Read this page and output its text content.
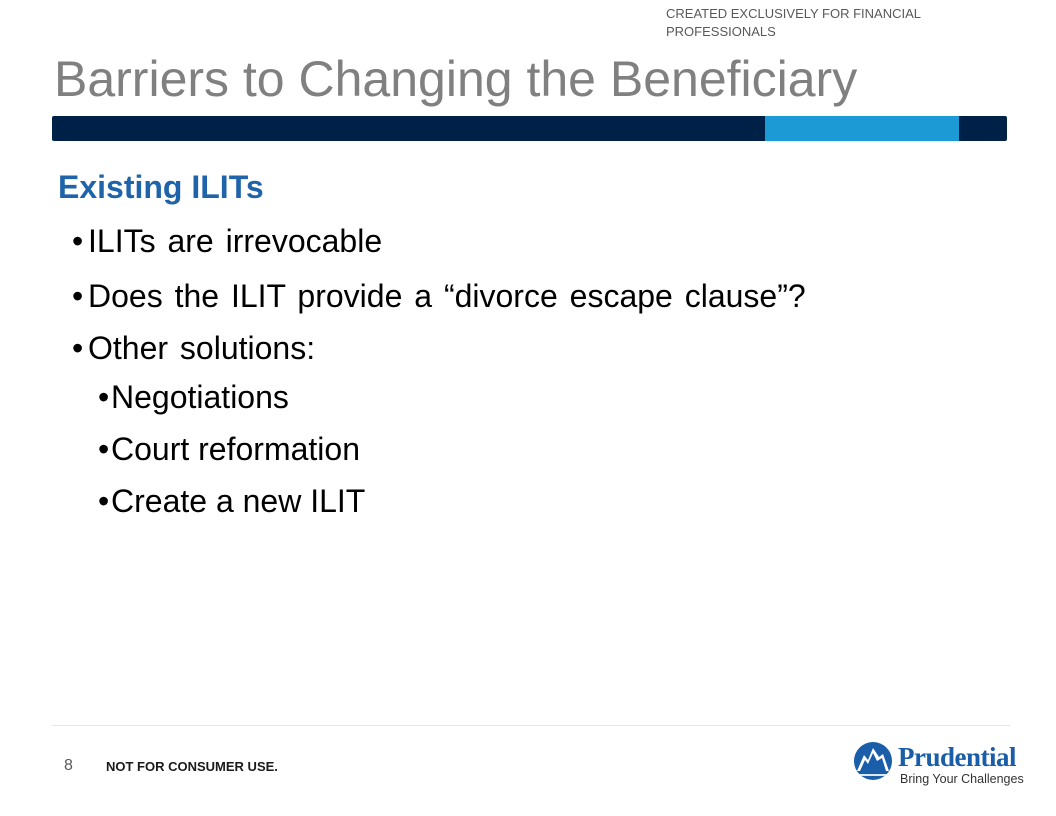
CREATED EXCLUSIVELY FOR FINANCIAL PROFESSIONALS
Barriers to Changing the Beneficiary
Existing ILITs
• ILITs are irrevocable
• Does the ILIT provide a “divorce escape clause”?
• Other solutions:
• Negotiations
• Court reformation
• Create a new ILIT
8	NOT FOR CONSUMER USE.	Prudential
Bring Your Challenges
